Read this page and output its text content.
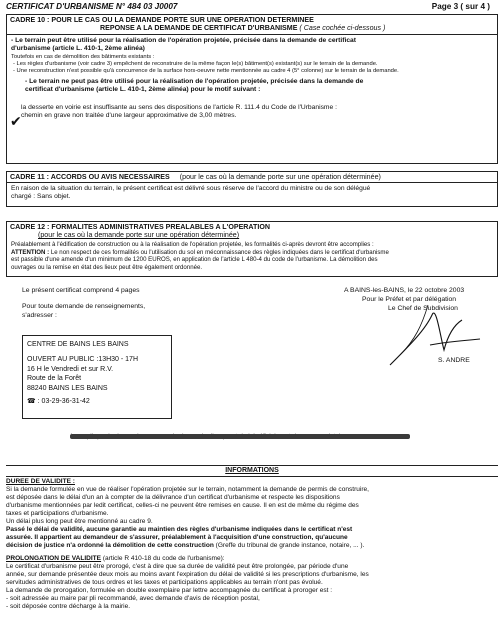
CERTIFICAT D'URBANISME N° 484 03 J0007	Page 3 ( sur 4 )
CADRE 10 : POUR LE CAS OU LA DEMANDE PORTE SUR UNE OPERATION DETERMINEE
REPONSE A LA DEMANDE DE CERTIFICAT D'URBANISME ( Case cochée ci-dessous )

- Le terrain peut être utilisé pour la réalisation de l'opération projetée, précisée dans la demande de certificat

d'urbanisme (article L. 410-1, 2ème alinéa)

Toutefois en cas de démolition des bâtiments existants :

- Les règles d'urbanisme (voir cadre 3) empêchent de reconstruire de la même façon le(s) bâtiment(s) existant(s) sur le terrain de la demande.

- Une reconstruction n'est possible qu'à concurrence de la surface hors-oeuvre nette mentionnée au cadre 4 (5° colonne) sur le terrain de la demande.

- Le terrain ne peut pas être utilisé pour la réalisation de l'opération projetée, précisée dans la demande de

certificat d'urbanisme (article L. 410-1, 2ème alinéa) pour le motif suivant :

la desserte en voirie est insuffisante au sens des dispositions de l'article R. 111.4 du Code de l'Urbanisme :

chemin en grave non traitée d'une largeur approximative de 3,00 mètres.

✔
CADRE 11 : ACCORDS OU AVIS NECESSAIRES (pour le cas où la demande porte sur une opération déterminée)

En raison de la situation du terrain, le présent certificat est délivré sous réserve de l'accord du ministre ou de son délégué

chargé : Sans objet.

CADRE 12 : FORMALITES ADMINISTRATIVES PREALABLES A L'OPERATION
(pour le cas où la demande porte sur une opération déterminée)

Préalablement à l'édification de construction ou à la réalisation de l'opération projetée, les formalités ci-après devront être accomplies :

ATTENTION : Le non respect de ces formalités ou l'utilisation du sol en méconnaissance des règles indiquées dans le certificat d'urbanisme

est passible d'une amende d'un minimum de 1200 EUROS, en application de l'article L 480-4 du code de l'urbanisme. La démolition des

ouvrages ou la remise en état des lieux peut être également ordonnée.

Le présent certificat comprend 4 pages
Pour toute demande de renseignements,
s'adresser :
A BAINS-les-BAINS, le 22 octobre 2003
Pour le Préfet et par délégation
Le Chef de Subdivision
S. ANDRE

CENTRE DE BAINS LES BAINS

OUVERT AU PUBLIC :13H30 - 17H

16 H le Vendredi et sur R.V.

Route de la Forêt

88240 BAINS LES BAINS

☎ : 03-29-36-31-42

INFORMATIONS

DUREE DE VALIDITE :

Si la demande formulée en vue de réaliser l'opération projetée sur le terrain, notamment la demande de permis de construire,

est déposée dans le délai d'un an à compter de la délivrance d'un certificat d'urbanisme et respecte les dispositions

d'urbanisme mentionnées par ledit certificat, celles-ci ne peuvent être remises en cause. Il en est de même du régime des

taxes et participations d'urbanisme.

Un délai plus long peut être mentionné au cadre 9.

Passé le délai de validité, aucune garantie au maintien des règles d'urbanisme indiquées dans le certificat n'est

assurée. Il appartient au demandeur de s'assurer, préalablement à l'acquisition d'une construction, qu'aucune

décision de justice n'a ordonné la démolition de cette construction (Greffe du tribunal de grande instance, notaire, ... ).

PROLONGATION DE VALIDITE (article R 410-18 du code de l'urbanisme):

Le certificat d'urbanisme peut être prorogé, c'est à dire que sa durée de validité peut être prolongée, par période d'une

année, sur demande présentée deux mois au moins avant l'expiration du délai de validité si les prescriptions d'urbanisme, les

servitudes administratives de tous ordres et les taxes et participations applicables au terrain n'ont pas évolué.

La demande de prorogation, formulée en double exemplaire par lettre accompagnée du certificat à proroger est :

- soit adressée au maire par pli recommandé, avec demande d'avis de réception postal,

- soit déposée contre décharge à la mairie.
